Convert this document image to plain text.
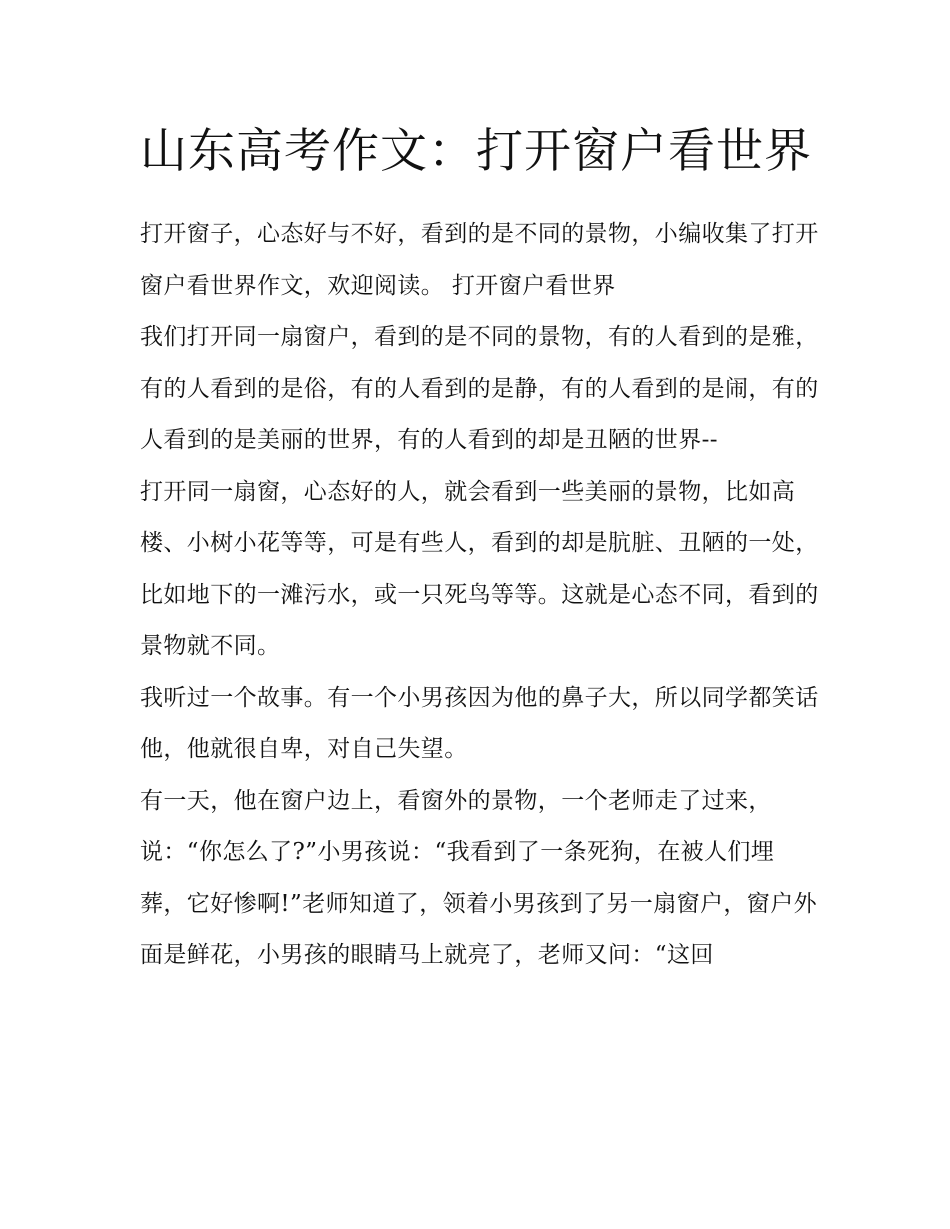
山东高考作文：打开窗户看世界

打开窗子，心态好与不好，看到的是不同的景物，小编收集了打开窗户看世界作文，欢迎阅读。 打开窗户看世界

我们打开同一扇窗户，看到的是不同的景物，有的人看到的是雅，有的人看到的是俗，有的人看到的是静，有的人看到的是闹，有的人看到的是美丽的世界，有的人看到的却是丑陋的世界--

打开同一扇窗，心态好的人，就会看到一些美丽的景物，比如高楼、小树小花等等，可是有些人，看到的却是肮脏、丑陋的一处，比如地下的一滩污水，或一只死鸟等等。这就是心态不同，看到的景物就不同。

我听过一个故事。有一个小男孩因为他的鼻子大，所以同学都笑话他，他就很自卑，对自己失望。

有一天，他在窗户边上，看窗外的景物，一个老师走了过来，说：“你怎么了?”小男孩说：“我看到了一条死狗，在被人们埋葬，它好惨啊!”老师知道了，领着小男孩到了另一扇窗户，窗户外面是鲜花，小男孩的眼睛马上就亮了，老师又问：“这回
